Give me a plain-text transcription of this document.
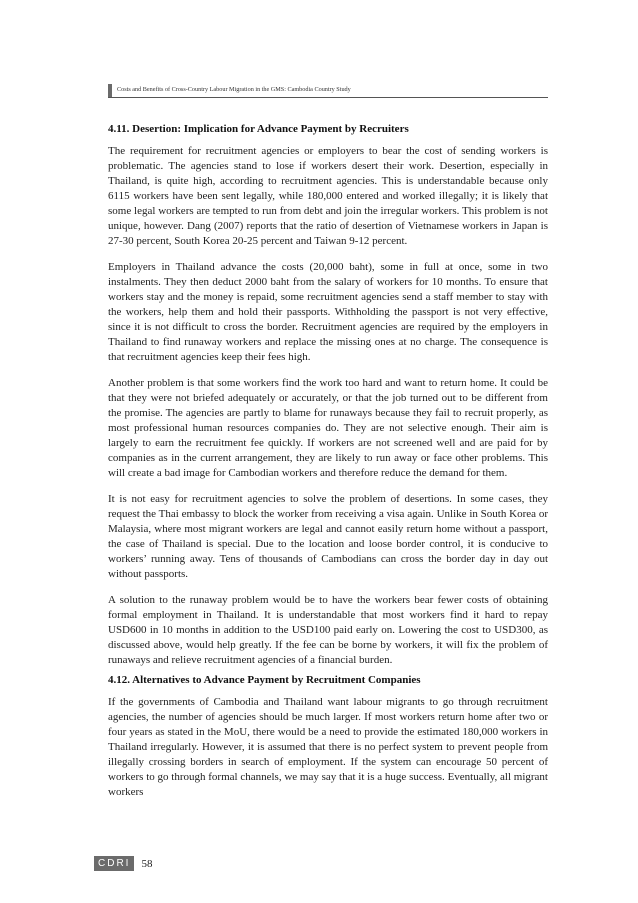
Costs and Benefits of Cross-Country Labour Migration in the GMS: Cambodia Country Study
4.11. Desertion: Implication for Advance Payment by Recruiters

The requirement for recruitment agencies or employers to bear the cost of sending workers is problematic. The agencies stand to lose if workers desert their work. Desertion, especially in Thailand, is quite high, according to recruitment agencies. This is understandable because only 6115 workers have been sent legally, while 180,000 entered and worked illegally; it is likely that some legal workers are tempted to run from debt and join the irregular workers. This problem is not unique, however. Dang (2007) reports that the ratio of desertion of Vietnamese workers in Japan is 27-30 percent, South Korea 20-25 percent and Taiwan 9-12 percent.

Employers in Thailand advance the costs (20,000 baht), some in full at once, some in two instalments. They then deduct 2000 baht from the salary of workers for 10 months. To ensure that workers stay and the money is repaid, some recruitment agencies send a staff member to stay with the workers, help them and hold their passports. Withholding the passport is not very effective, since it is not difficult to cross the border. Recruitment agencies are required by the employers in Thailand to find runaway workers and replace the missing ones at no charge. The consequence is that recruitment agencies keep their fees high.

Another problem is that some workers find the work too hard and want to return home. It could be that they were not briefed adequately or accurately, or that the job turned out to be different from the promise. The agencies are partly to blame for runaways because they fail to recruit properly, as most professional human resources companies do. They are not selective enough. Their aim is largely to earn the recruitment fee quickly. If workers are not screened well and are paid for by companies as in the current arrangement, they are likely to run away or face other problems. This will create a bad image for Cambodian workers and therefore reduce the demand for them.

It is not easy for recruitment agencies to solve the problem of desertions. In some cases, they request the Thai embassy to block the worker from receiving a visa again. Unlike in South Korea or Malaysia, where most migrant workers are legal and cannot easily return home without a passport, the case of Thailand is special. Due to the location and loose border control, it is conducive to workers’ running away. Tens of thousands of Cambodians can cross the border day in day out without passports.

A solution to the runaway problem would be to have the workers bear fewer costs of obtaining formal employment in Thailand. It is understandable that most workers find it hard to repay USD600 in 10 months in addition to the USD100 paid early on. Lowering the cost to USD300, as discussed above, would help greatly. If the fee can be borne by workers, it will fix the problem of runaways and relieve recruitment agencies of a financial burden.

4.12. Alternatives to Advance Payment by Recruitment Companies

If the governments of Cambodia and Thailand want labour migrants to go through recruitment agencies, the number of agencies should be much larger. If most workers return home after two or four years as stated in the MoU, there would be a need to provide the estimated 180,000 workers in Thailand irregularly. However, it is assumed that there is no perfect system to prevent people from illegally crossing borders in search of employment. If the system can encourage 50 percent of workers to go through formal channels, we may say that it is a huge success. Eventually, all migrant workers

CDRI	58
